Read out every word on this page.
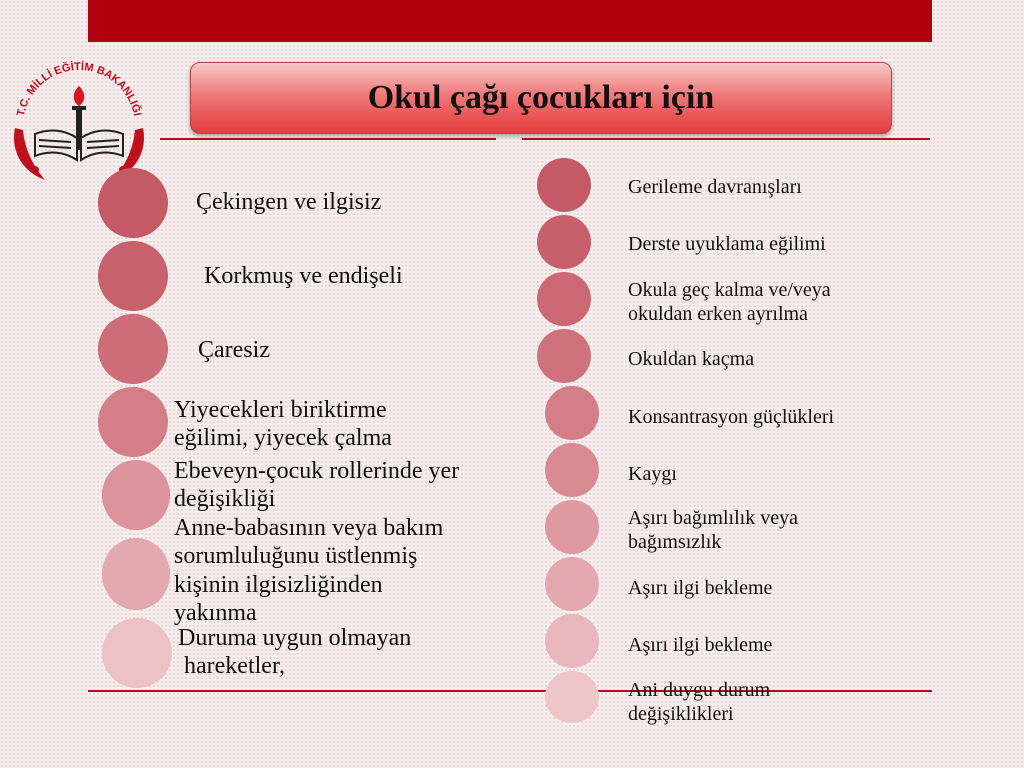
T.C. MİLLİ EĞİTİM BAKANLIĞI	Okul çağı çocukları için
Çekingen ve ilgisiz
Korkmuş ve endişeli
Çaresiz
Yiyecekleri biriktirme
eğilimi, yiyecek çalma
Ebeveyn-çocuk rollerinde yer
değişikliği
Anne-babasının veya bakım
sorumluluğunu üstlenmiş
kişinin ilgisizliğinden
yakınma
Duruma uygun olmayan
hareketler,
Gerileme davranışları
Derste uyuklama eğilimi
Okula geç kalma ve/veya
okuldan erken ayrılma
Okuldan kaçma
Konsantrasyon güçlükleri
Kaygı
Aşırı bağımlılık veya
bağımsızlık
Aşırı ilgi bekleme
Aşırı ilgi bekleme
Ani duygu durum
değişiklikleri
